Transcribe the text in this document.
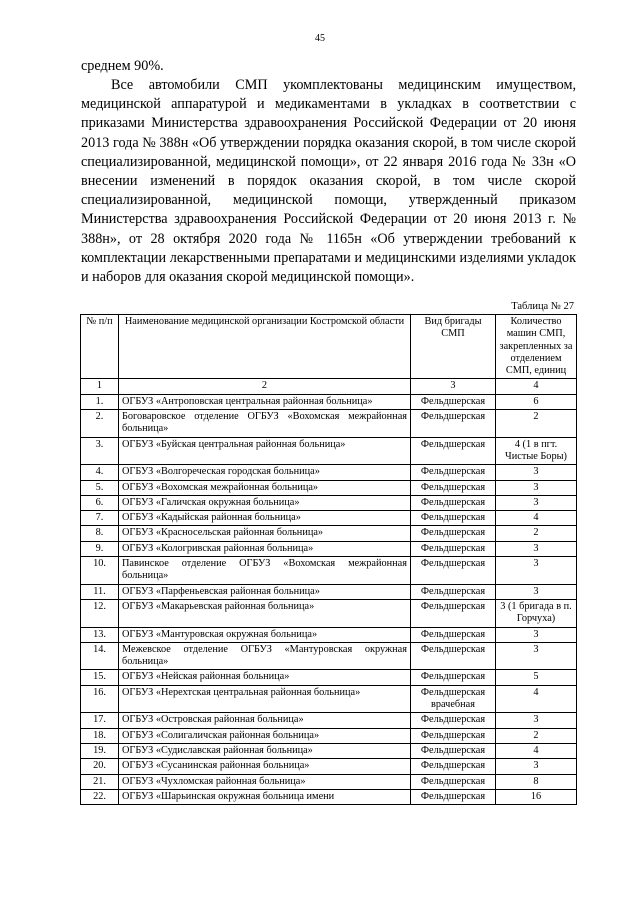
45

среднем 90%.

Все автомобили СМП укомплектованы медицинским имуществом, медицинской аппаратурой и медикаментами в укладках в соответствии с приказами Министерства здравоохранения Российской Федерации от 20 июня 2013 года № 388н «Об утверждении порядка оказания скорой, в том числе скорой специализированной, медицинской помощи», от 22 января 2016 года № 33н «О внесении изменений в порядок оказания скорой, в том числе скорой специализированной, медицинской помощи, утвержденный приказом Министерства здравоохранения Российской Федерации от 20 июня 2013 г. № 388н», от 28 октября 2020 года № 1165н «Об утверждении требований к комплектации лекарственными препаратами и медицинскими изделиями укладок и наборов для оказания скорой медицинской помощи».

Таблица № 27
№ п/п	Наименование медицинской организации Костромской области	Вид бригады СМП	Количество машин СМП, закрепленных за отделением СМП, единиц
1	2	3	4
1.	ОГБУЗ «Антроповская центральная районная больница»	Фельдшерская	6
2.	Боговаровское отделение ОГБУЗ «Вохомская межрайонная больница»	Фельдшерская	2
3.	ОГБУЗ «Буйская центральная районная больница»	Фельдшерская	4 (1 в пгт. Чистые Боры)
4.	ОГБУЗ «Волгореческая городская больница»	Фельдшерская	3
5.	ОГБУЗ «Вохомская межрайонная больница»	Фельдшерская	3
6.	ОГБУЗ «Галичская окружная больница»	Фельдшерская	3
7.	ОГБУЗ «Кадыйская районная больница»	Фельдшерская	4
8.	ОГБУЗ «Красносельская районная больница»	Фельдшерская	2
9.	ОГБУЗ «Кологривская районная больница»	Фельдшерская	3
10.	Павинское отделение ОГБУЗ «Вохомская межрайонная больница»	Фельдшерская	3
11.	ОГБУЗ «Парфеньевская районная больница»	Фельдшерская	3
12.	ОГБУЗ «Макарьевская районная больница»	Фельдшерская	3 (1 бригада в п. Горчуха)
13.	ОГБУЗ «Мантуровская окружная больница»	Фельдшерская	3
14.	Межевское отделение ОГБУЗ «Мантуровская окружная больница»	Фельдшерская	3
15.	ОГБУЗ «Нейская районная больница»	Фельдшерская	5
16.	ОГБУЗ «Нерехтская центральная районная больница»	Фельдшерская врачебная	4
17.	ОГБУЗ «Островская районная больница»	Фельдшерская	3
18.	ОГБУЗ «Солигаличская районная больница»	Фельдшерская	2
19.	ОГБУЗ «Судиславская районная больница»	Фельдшерская	4
20.	ОГБУЗ «Сусанинская районная больница»	Фельдшерская	3
21.	ОГБУЗ «Чухломская районная больница»	Фельдшерская	8
22.	ОГБУЗ «Шарьинская окружная больница имени	Фельдшерская	16
